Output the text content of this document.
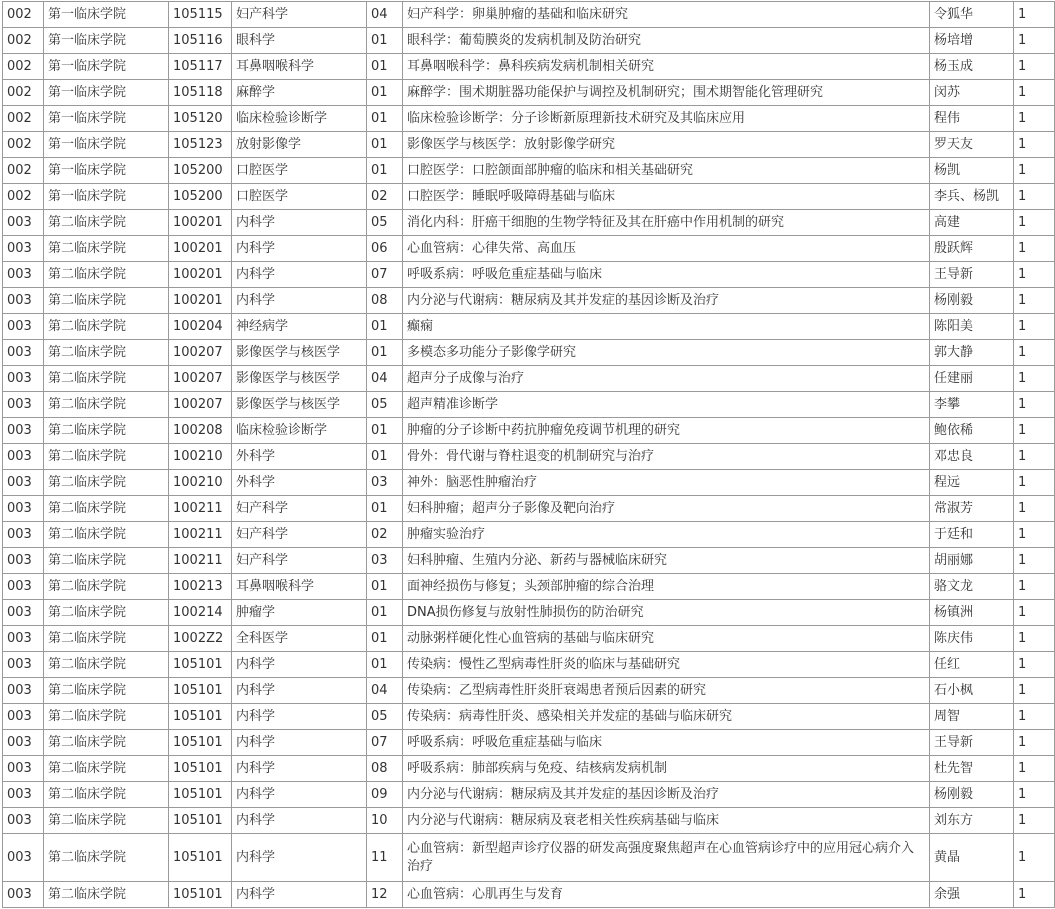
002	第一临床学院	105115	妇产科学	04	妇产科学：卵巢肿瘤的基础和临床研究	令狐华	1
002	第一临床学院	105116	眼科学	01	眼科学：葡萄膜炎的发病机制及防治研究	杨培增	1
002	第一临床学院	105117	耳鼻咽喉科学	01	耳鼻咽喉科学：鼻科疾病发病机制相关研究	杨玉成	1
002	第一临床学院	105118	麻醉学	01	麻醉学：围术期脏器功能保护与调控及机制研究；围术期智能化管理研究	闵苏	1
002	第一临床学院	105120	临床检验诊断学	01	临床检验诊断学：分子诊断新原理新技术研究及其临床应用	程伟	1
002	第一临床学院	105123	放射影像学	01	影像医学与核医学：放射影像学研究	罗天友	1
002	第一临床学院	105200	口腔医学	01	口腔医学：口腔颌面部肿瘤的临床和相关基础研究	杨凯	1
002	第一临床学院	105200	口腔医学	02	口腔医学：睡眠呼吸障碍基础与临床	李兵、杨凯	1
003	第二临床学院	100201	内科学	05	消化内科：肝癌干细胞的生物学特征及其在肝癌中作用机制的研究	高建	1
003	第二临床学院	100201	内科学	06	心血管病：心律失常、高血压	殷跃辉	1
003	第二临床学院	100201	内科学	07	呼吸系病：呼吸危重症基础与临床	王导新	1
003	第二临床学院	100201	内科学	08	内分泌与代谢病：糖尿病及其并发症的基因诊断及治疗	杨刚毅	1
003	第二临床学院	100204	神经病学	01	癫痫	陈阳美	1
003	第二临床学院	100207	影像医学与核医学	01	多模态多功能分子影像学研究	郭大静	1
003	第二临床学院	100207	影像医学与核医学	04	超声分子成像与治疗	任建丽	1
003	第二临床学院	100207	影像医学与核医学	05	超声精准诊断学	李攀	1
003	第二临床学院	100208	临床检验诊断学	01	肿瘤的分子诊断中药抗肿瘤免疫调节机理的研究	鲍依稀	1
003	第二临床学院	100210	外科学	01	骨外：骨代谢与脊柱退变的机制研究与治疗	邓忠良	1
003	第二临床学院	100210	外科学	03	神外：脑恶性肿瘤治疗	程远	1
003	第二临床学院	100211	妇产科学	01	妇科肿瘤；超声分子影像及靶向治疗	常淑芳	1
003	第二临床学院	100211	妇产科学	02	肿瘤实验治疗	于廷和	1
003	第二临床学院	100211	妇产科学	03	妇科肿瘤、生殖内分泌、新药与器械临床研究	胡丽娜	1
003	第二临床学院	100213	耳鼻咽喉科学	01	面神经损伤与修复；头颈部肿瘤的综合治理	骆文龙	1
003	第二临床学院	100214	肿瘤学	01	DNA损伤修复与放射性肺损伤的防治研究	杨镇洲	1
003	第二临床学院	1002Z2	全科医学	01	动脉粥样硬化性心血管病的基础与临床研究	陈庆伟	1
003	第二临床学院	105101	内科学	01	传染病：慢性乙型病毒性肝炎的临床与基础研究	任红	1
003	第二临床学院	105101	内科学	04	传染病：乙型病毒性肝炎肝衰竭患者预后因素的研究	石小枫	1
003	第二临床学院	105101	内科学	05	传染病：病毒性肝炎、感染相关并发症的基础与临床研究	周智	1
003	第二临床学院	105101	内科学	07	呼吸系病：呼吸危重症基础与临床	王导新	1
003	第二临床学院	105101	内科学	08	呼吸系病：肺部疾病与免疫、结核病发病机制	杜先智	1
003	第二临床学院	105101	内科学	09	内分泌与代谢病：糖尿病及其并发症的基因诊断及治疗	杨刚毅	1
003	第二临床学院	105101	内科学	10	内分泌与代谢病：糖尿病及衰老相关性疾病基础与临床	刘东方	1
003	第二临床学院	105101	内科学	11	心血管病：新型超声诊疗仪器的研发高强度聚焦超声在心血管病诊疗中的应用冠心病介入治疗	黄晶	1
003	第二临床学院	105101	内科学	12	心血管病：心肌再生与发育	余强	1
